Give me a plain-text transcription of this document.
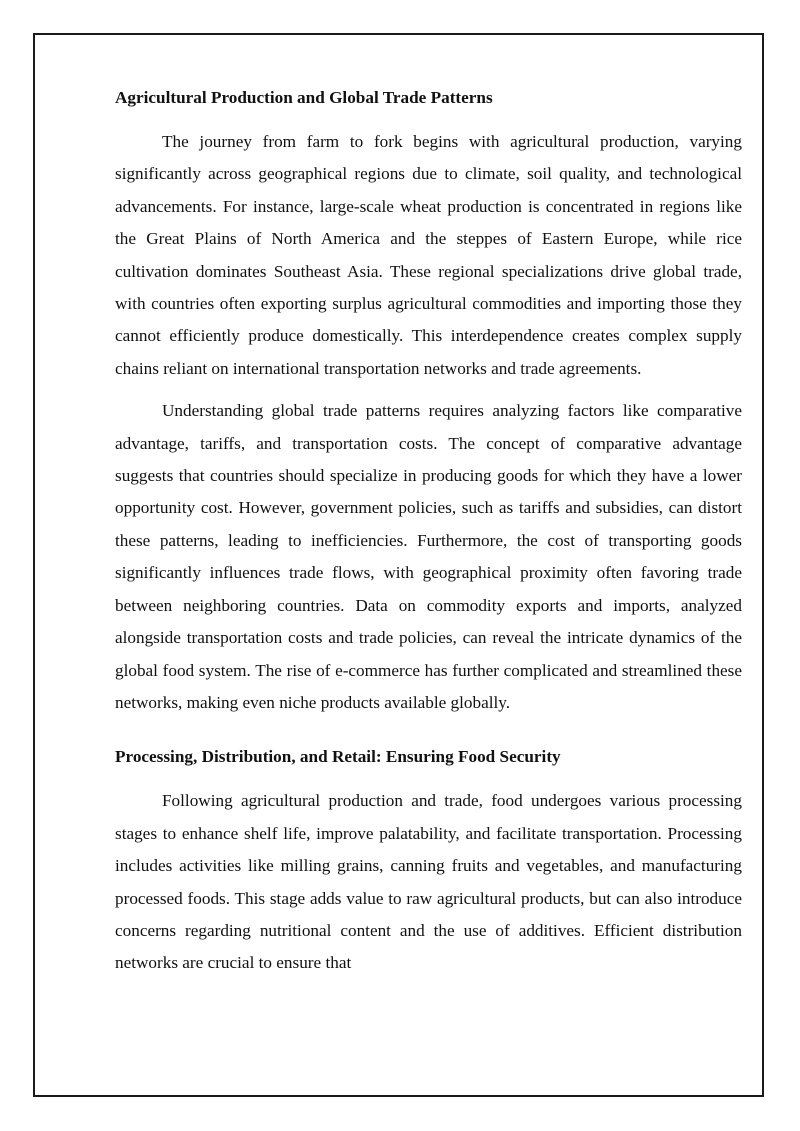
Agricultural Production and Global Trade Patterns

The journey from farm to fork begins with agricultural production, varying significantly across geographical regions due to climate, soil quality, and technological advancements. For instance, large-scale wheat production is concentrated in regions like the Great Plains of North America and the steppes of Eastern Europe, while rice cultivation dominates Southeast Asia. These regional specializations drive global trade, with countries often exporting surplus agricultural commodities and importing those they cannot efficiently produce domestically. This interdependence creates complex supply chains reliant on international transportation networks and trade agreements.

Understanding global trade patterns requires analyzing factors like comparative advantage, tariffs, and transportation costs. The concept of comparative advantage suggests that countries should specialize in producing goods for which they have a lower opportunity cost. However, government policies, such as tariffs and subsidies, can distort these patterns, leading to inefficiencies. Furthermore, the cost of transporting goods significantly influences trade flows, with geographical proximity often favoring trade between neighboring countries. Data on commodity exports and imports, analyzed alongside transportation costs and trade policies, can reveal the intricate dynamics of the global food system. The rise of e-commerce has further complicated and streamlined these networks, making even niche products available globally.

Processing, Distribution, and Retail: Ensuring Food Security

Following agricultural production and trade, food undergoes various processing stages to enhance shelf life, improve palatability, and facilitate transportation. Processing includes activities like milling grains, canning fruits and vegetables, and manufacturing processed foods. This stage adds value to raw agricultural products, but can also introduce concerns regarding nutritional content and the use of additives. Efficient distribution networks are crucial to ensure that
